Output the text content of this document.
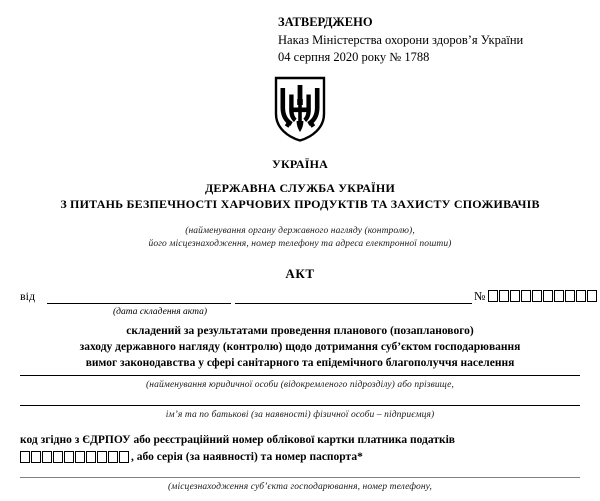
ЗАТВЕРДЖЕНО
Наказ Міністерства охорони здоров’я України
04 серпня 2020 року № 1788
УКРАЇНА
ДЕРЖАВНА СЛУЖБА УКРАЇНИ
З ПИТАНЬ БЕЗПЕЧНОСТІ ХАРЧОВИХ ПРОДУКТІВ ТА ЗАХИСТУ СПОЖИВАЧІВ
(найменування органу державного нагляду (контролю),
його місцезнаходження, номер телефону та адреса електронної пошти)
АКТ
від	№
(дата складення акта)
складений за результатами проведення планового (позапланового)
заходу державного нагляду (контролю) щодо дотримання суб’єктом господарювання
вимог законодавства у сфері санітарного та епідемічного благополуччя населення
(найменування юридичної особи (відокремленого підрозділу) або прізвище,
ім’я та по батькові (за наявності) фізичної особи – підприємця)
код згідно з ЄДРПОУ або реєстраційний номер облікової картки платника податків
, або серія (за наявності) та номер паспорта*
(місцезнаходження суб’єкта господарювання, номер телефону,
